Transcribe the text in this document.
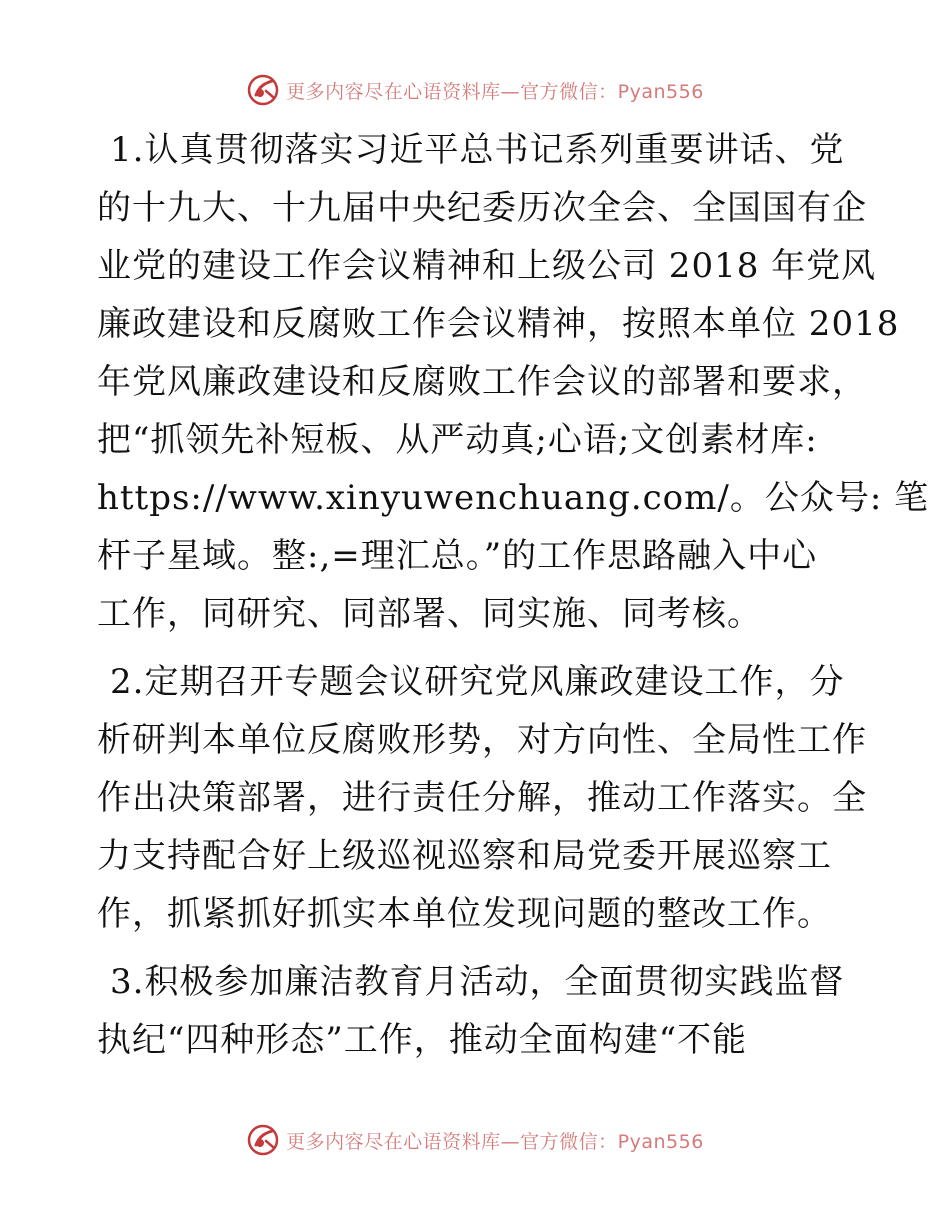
更多内容尽在心语资料库—官方微信：Pyan556
1.认真贯彻落实习近平总书记系列重要讲话、党
的十九大、十九届中央纪委历次全会、全国国有企
业党的建设工作会议精神和上级公司 2018 年党风
廉政建设和反腐败工作会议精神，按照本单位 2018
年党风廉政建设和反腐败工作会议的部署和要求，
把“抓领先补短板、从严动真;心语;文创素材库:
https://www.xinyuwenchuang.com/。公众号: 笔
杆子星域。整:,=理汇总。”的工作思路融入中心
工作，同研究、同部署、同实施、同考核。
2.定期召开专题会议研究党风廉政建设工作，分
析研判本单位反腐败形势，对方向性、全局性工作
作出决策部署，进行责任分解，推动工作落实。全
力支持配合好上级巡视巡察和局党委开展巡察工
作，抓紧抓好抓实本单位发现问题的整改工作。
3.积极参加廉洁教育月活动，全面贯彻实践监督
执纪“四种形态”工作，推动全面构建“不能
更多内容尽在心语资料库—官方微信：Pyan556
